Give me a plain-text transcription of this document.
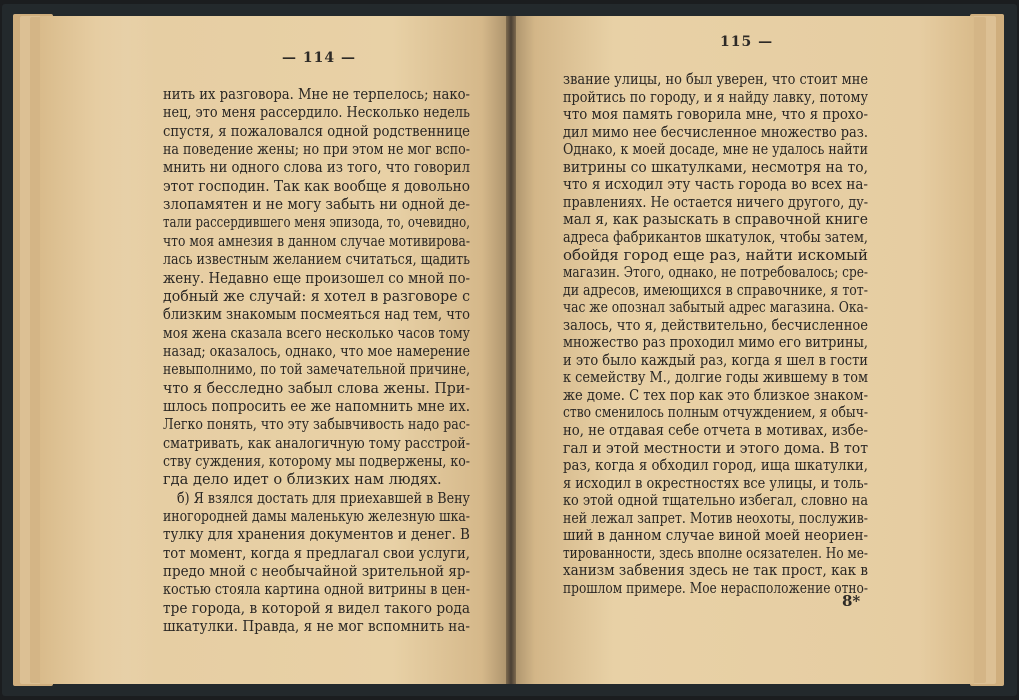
— 114 —
115 —
нить их разговора. Мне не терпелось; нако-
нец, это меня рассердило. Несколько недель
спустя, я пожаловался одной родственнице
на поведение жены; но при этом не мог вспо-
мнить ни одного слова из того, что говорил
этот господин. Так как вообще я довольно
злопамятен и не могу забыть ни одной де-
тали рассердившего меня эпизода, то, очевидно,
что моя амнезия в данном случае мотивирова-
лась известным желанием считаться, щадить
жену. Недавно еще произошел со мной по-
добный же случай: я хотел в разговоре с
близким знакомым посмеяться над тем, что
моя жена сказала всего несколько часов тому
назад; оказалось, однако, что мое намерение
невыполнимо, по той замечательной причине,
что я бесследно забыл слова жены. При-
шлось попросить ее же напомнить мне их.
Легко понять, что эту забывчивость надо рас-
сматривать, как аналогичную тому расстрой-
ству суждения, которому мы подвержены, ко-
гда дело идет о близких нам людях.
б) Я взялся достать для приехавшей в Вену
иногородней дамы маленькую железную шка-
тулку для хранения документов и денег. В
тот момент, когда я предлагал свои услуги,
предо мной с необычайной зрительной яр-
костью стояла картина одной витрины в цен-
тре города, в которой я видел такого рода
шкатулки. Правда, я не мог вспомнить на-
звание улицы, но был уверен, что стоит мне
пройтись по городу, и я найду лавку, потому
что моя память говорила мне, что я прохо-
дил мимо нее бесчисленное множество раз.
Однако, к моей досаде, мне не удалось найти
витрины со шкатулками, несмотря на то,
что я исходил эту часть города во всех на-
правлениях. Не остается ничего другого, ду-
мал я, как разыскать в справочной книге
адреса фабрикантов шкатулок, чтобы затем,
обойдя город еще раз, найти искомый
магазин. Этого, однако, не потребовалось; сре-
ди адресов, имеющихся в справочнике, я тот-
час же опознал забытый адрес магазина. Ока-
залось, что я, действительно, бесчисленное
множество раз проходил мимо его витрины,
и это было каждый раз, когда я шел в гости
к семейству М., долгие годы жившему в том
же доме. С тех пор как это близкое знаком-
ство сменилось полным отчуждением, я обыч-
но, не отдавая себе отчета в мотивах, избе-
гал и этой местности и этого дома. В тот
раз, когда я обходил город, ища шкатулки,
я исходил в окрестностях все улицы, и толь-
ко этой одной тщательно избегал, словно на
ней лежал запрет. Мотив неохоты, послужив-
ший в данном случае виной моей неориен-
тированности, здесь вполне осязателен. Но ме-
ханизм забвения здесь не так прост, как в
прошлом примере. Мое нерасположение отно-
8*
